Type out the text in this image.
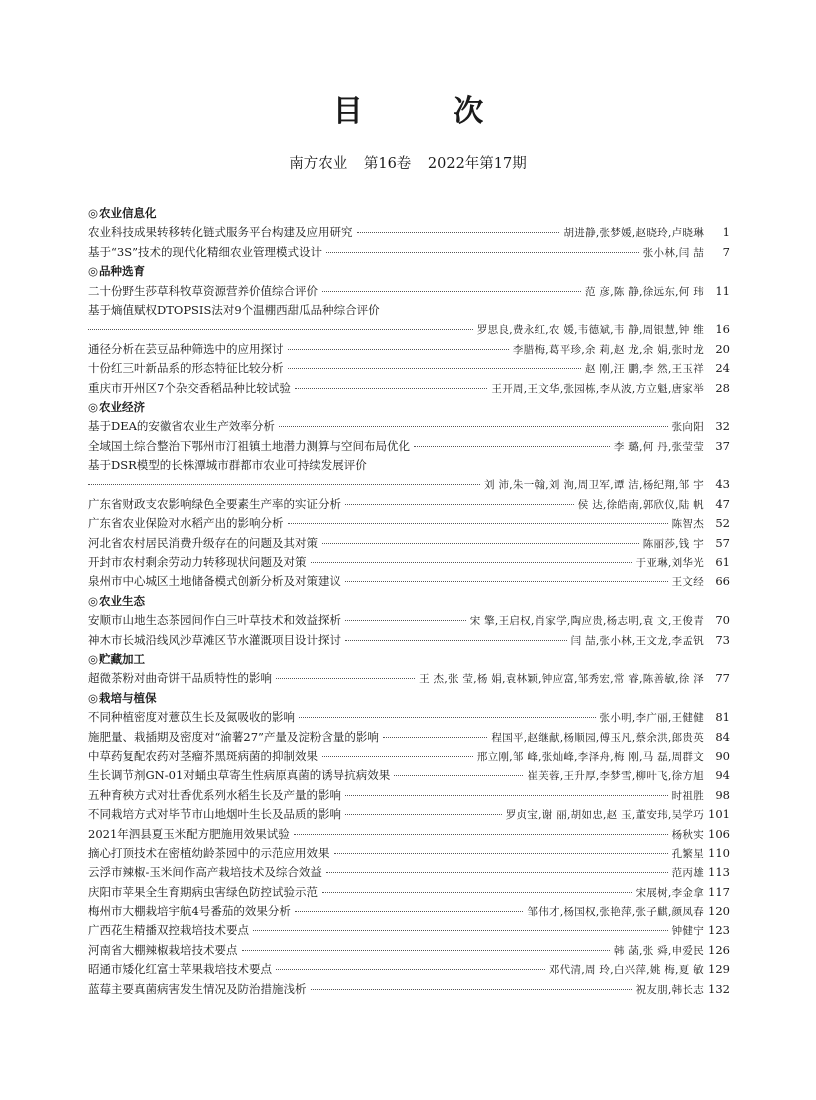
目 次
南方农业 第16卷 2022年第17期
◎农业信息化
农业科技成果转移转化链式服务平台构建及应用研究	胡进静,张梦媛,赵晓玲,卢晓琳	1
基于“3S”技术的现代化精细农业管理模式设计	张小林,闫 喆	7
◎品种选育
二十份野生莎草科牧草资源营养价值综合评价	范 彦,陈 静,徐远东,何 玮 11
基于熵值赋权DTOPSIS法对9个温棚西甜瓜品种综合评价
罗思良,费永红,农 媛,韦德斌,韦 静,周银慧,钟 维 16
通径分析在芸豆品种筛选中的应用探讨	李腊梅,葛平珍,余 莉,赵 龙,余 娟,张时龙 20
十份红三叶新品系的形态特征比较分析	赵 刚,汪 鹏,李 然,王玉祥 24
重庆市开州区7个杂交香稻品种比较试验	王开周,王文华,张园栋,李从波,方立魁,唐家举 28
◎农业经济
基于DEA的安徽省农业生产效率分析	张向阳 32
全域国土综合整治下鄂州市汀祖镇土地潜力测算与空间布局优化	李 璐,何 丹,张莹莹 37
基于DSR模型的长株潭城市群都市农业可持续发展评价
刘 沛,朱一翰,刘 洵,周卫军,谭 洁,杨纪翔,邹 宇 43
广东省财政支农影响绿色全要素生产率的实证分析	侯 达,徐皓南,郭欣仪,陆 帆 47
广东省农业保险对水稻产出的影响分析	陈智杰 52
河北省农村居民消费升级存在的问题及其对策	陈丽莎,钱 宇 57
开封市农村剩余劳动力转移现状问题及对策	于亚琳,刘华光 61
泉州市中心城区土地储备模式创新分析及对策建议	王文经 66
◎农业生态
安顺市山地生态茶园间作白三叶草技术和效益探析	宋 擎,王启权,肖家学,陶应贵,杨志明,袁 文,王俊青 70
神木市长城沿线风沙草滩区节水灌溉项目设计探讨	闫 喆,张小林,王文龙,李孟钒 73
◎贮藏加工
超微茶粉对曲奇饼干品质特性的影响	王 杰,张 莹,杨 娟,袁林颖,钟应富,邹秀宏,常 睿,陈善敏,徐 泽 77
◎栽培与植保
不同种植密度对薏苡生长及氮吸收的影响	张小明,李广丽,王健健 81
施肥量、栽插期及密度对“渝薯27”产量及淀粉含量的影响	程国平,赵继献,杨顺园,傅玉凡,蔡余洪,郎贵英 84
中草药复配农药对茎瘤芥黑斑病菌的抑制效果	邢立刚,邹 峰,张灿峰,李泽舟,梅 刚,马 磊,周群文 90
生长调节剂GN-01对蛹虫草寄生性病原真菌的诱导抗病效果	崔芙蓉,王升厚,李梦雪,柳叶飞,徐方旭 94
五种育秧方式对壮香优系列水稻生长及产量的影响	时祖胜 98
不同栽培方式对毕节市山地烟叶生长及品质的影响	罗贞宝,谢 丽,胡如忠,赵 玉,董安玮,吴学巧 101
2021年泗县夏玉米配方肥施用效果试验	杨秋实 106
摘心打顶技术在密植幼龄茶园中的示范应用效果	孔繁星 110
云浮市辣椒-玉米间作高产栽培技术及综合效益	范丙雄 113
庆阳市苹果全生育期病虫害绿色防控试验示范	宋展树,李金拿 117
梅州市大棚栽培宇航4号番茄的效果分析	邹伟才,杨国权,张艳萍,张子麒,颜凤春 120
广西花生精播双控栽培技术要点	钟健宁 123
河南省大棚辣椒栽培技术要点	韩 菡,张 舜,申爱民 126
昭通市矮化红富士苹果栽培技术要点	邓代清,周 玲,白兴萍,姚 梅,夏 敏 129
蓝莓主要真菌病害发生情况及防治措施浅析	祝友朋,韩长志 132
